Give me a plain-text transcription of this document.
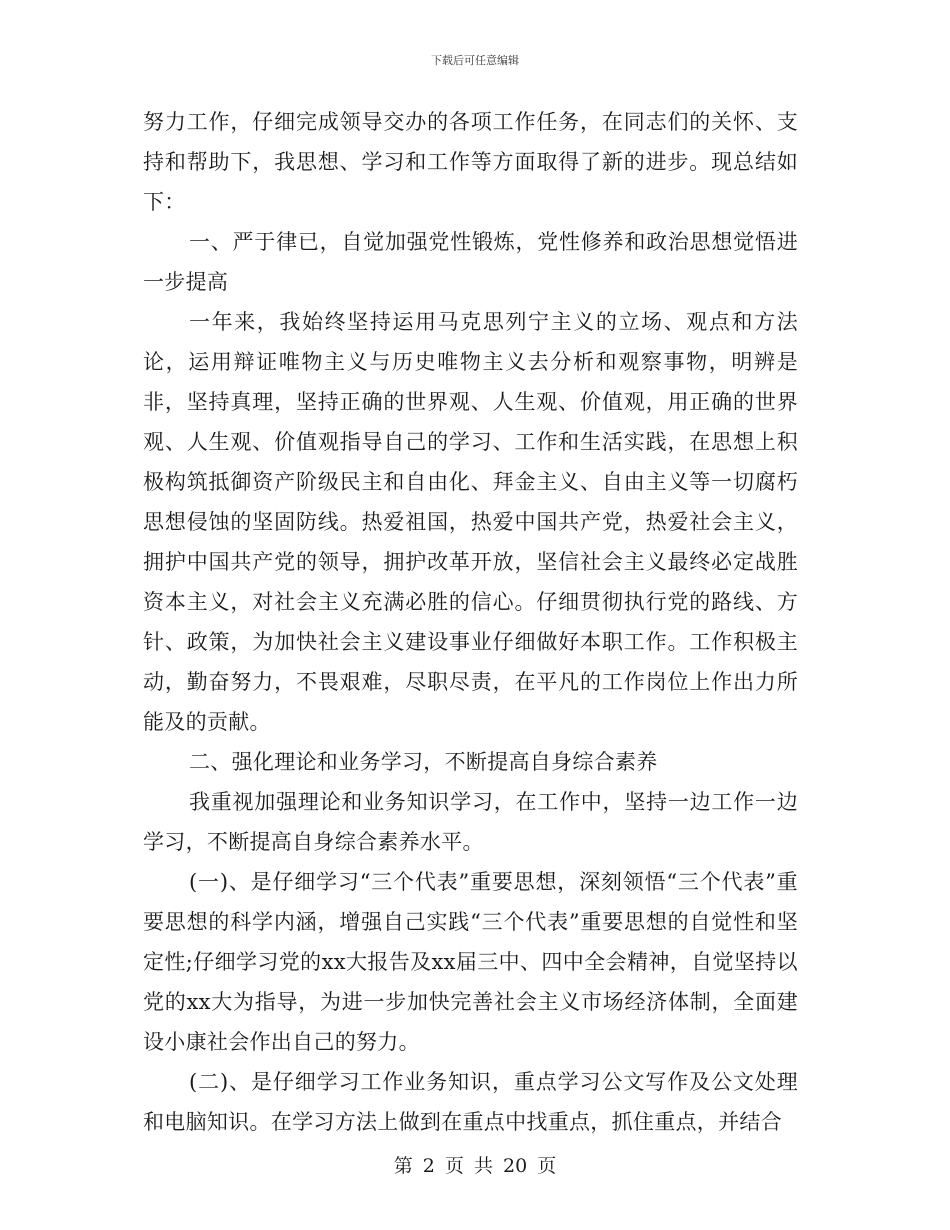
下载后可任意编辑

努力工作，仔细完成领导交办的各项工作任务，在同志们的关怀、支持和帮助下，我思想、学习和工作等方面取得了新的进步。现总结如下：

一、严于律已，自觉加强党性锻炼，党性修养和政治思想觉悟进一步提高

一年来，我始终坚持运用马克思列宁主义的立场、观点和方法论，运用辩证唯物主义与历史唯物主义去分析和观察事物，明辨是非，坚持真理，坚持正确的世界观、人生观、价值观，用正确的世界观、人生观、价值观指导自己的学习、工作和生活实践，在思想上积极构筑抵御资产阶级民主和自由化、拜金主义、自由主义等一切腐朽思想侵蚀的坚固防线。热爱祖国，热爱中国共产党，热爱社会主义，拥护中国共产党的领导，拥护改革开放，坚信社会主义最终必定战胜资本主义，对社会主义充满必胜的信心。仔细贯彻执行党的路线、方针、政策，为加快社会主义建设事业仔细做好本职工作。工作积极主动，勤奋努力，不畏艰难，尽职尽责，在平凡的工作岗位上作出力所能及的贡献。

二、强化理论和业务学习，不断提高自身综合素养

我重视加强理论和业务知识学习，在工作中，坚持一边工作一边学习，不断提高自身综合素养水平。

(一)、是仔细学习“三个代表”重要思想，深刻领悟“三个代表”重要思想的科学内涵，增强自己实践“三个代表”重要思想的自觉性和坚定性;仔细学习党的xx大报告及xx届三中、四中全会精神，自觉坚持以党的xx大为指导，为进一步加快完善社会主义市场经济体制，全面建设小康社会作出自己的努力。

(二)、是仔细学习工作业务知识，重点学习公文写作及公文处理和电脑知识。在学习方法上做到在重点中找重点，抓住重点，并结合

第 2 页 共 20 页
